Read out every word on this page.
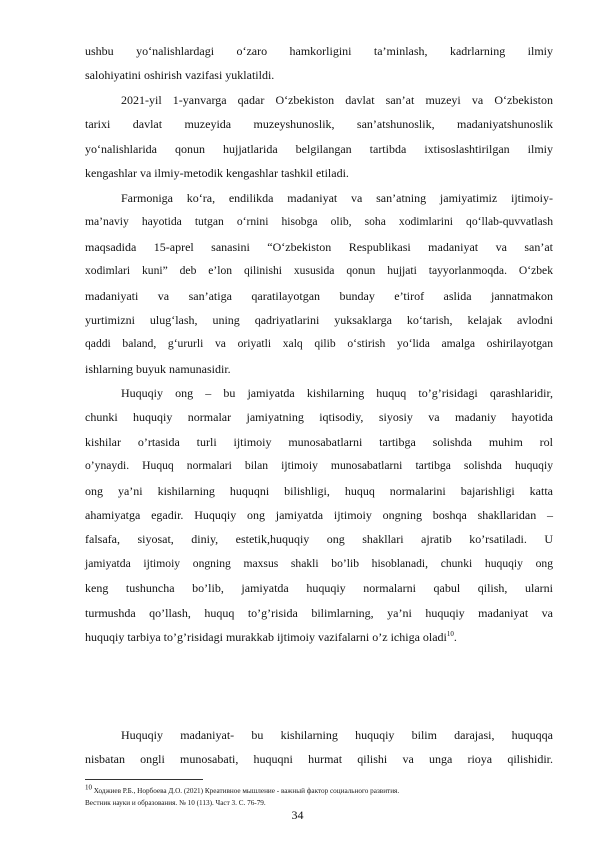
ushbu yo‘nalishlardagi o‘zaro hamkorligini ta’minlash, kadrlarning ilmiy
salohiyatini oshirish vazifasi yuklatildi.
2021-yil 1-yanvarga qadar O‘zbekiston davlat san’at muzeyi va O‘zbekiston
tarixi davlat muzeyida muzeyshunoslik, san’atshunoslik, madaniyatshunoslik
yo‘nalishlarida qonun hujjatlarida belgilangan tartibda ixtisoslashtirilgan ilmiy
kengashlar va ilmiy-metodik kengashlar tashkil etiladi.
Farmoniga ko‘ra, endilikda madaniyat va san’atning jamiyatimiz ijtimoiy-
ma’naviy hayotida tutgan o‘rnini hisobga olib, soha xodimlarini qo‘llab-quvvatlash
maqsadida 15-aprel sanasini “O‘zbekiston Respublikasi madaniyat va san’at
xodimlari kuni” deb e’lon qilinishi xususida qonun hujjati tayyorlanmoqda. O‘zbek
madaniyati va san’atiga qaratilayotgan bunday e’tirof aslida jannatmakon
yurtimizni ulug‘lash, uning qadriyatlarini yuksaklarga ko‘tarish, kelajak avlodni
qaddi baland, g‘ururli va oriyatli xalq qilib o‘stirish yo‘lida amalga oshirilayotgan
ishlarning buyuk namunasidir.
Huquqiy ong – bu jamiyatda kishilarning huquq to’g’risidagi qarashlaridir,
chunki huquqiy normalar jamiyatning iqtisodiy, siyosiy va madaniy hayotida
kishilar o’rtasida turli ijtimoiy munosabatlarni tartibga solishda muhim rol
o’ynaydi. Huquq normalari bilan ijtimoiy munosabatlarni tartibga solishda huquqiy
ong ya’ni kishilarning huquqni bilishligi, huquq normalarini bajarishligi katta
ahamiyatga egadir. Huquqiy ong jamiyatda ijtimoiy ongning boshqa shakllaridan –
falsafa, siyosat, diniy, estetik,huquqiy ong shakllari ajratib ko’rsatiladi. U
jamiyatda ijtimoiy ongning maxsus shakli bo’lib hisoblanadi, chunki huquqiy ong
keng tushuncha bo’lib, jamiyatda huquqiy normalarni qabul qilish, ularni
turmushda qo’llash, huquq to’g’risida bilimlarning, ya’ni huquqiy madaniyat va
huquqiy tarbiya to’g’risidagi murakkab ijtimoiy vazifalarni o’z ichiga oladi$^{10}$.
Huquqiy madaniyat- bu kishilarning huquqiy bilim darajasi, huquqqa
nisbatan ongli munosabati, huquqni hurmat qilishi va unga rioya qilishidir.
$^{10}$ Ходжиев Р.Б., Норбоева Д.О. (2021) Креативное мышление - важный фактор социального развития.
Вестник науки и образования. № 10 (113). Част 3. С. 76-79.
34
